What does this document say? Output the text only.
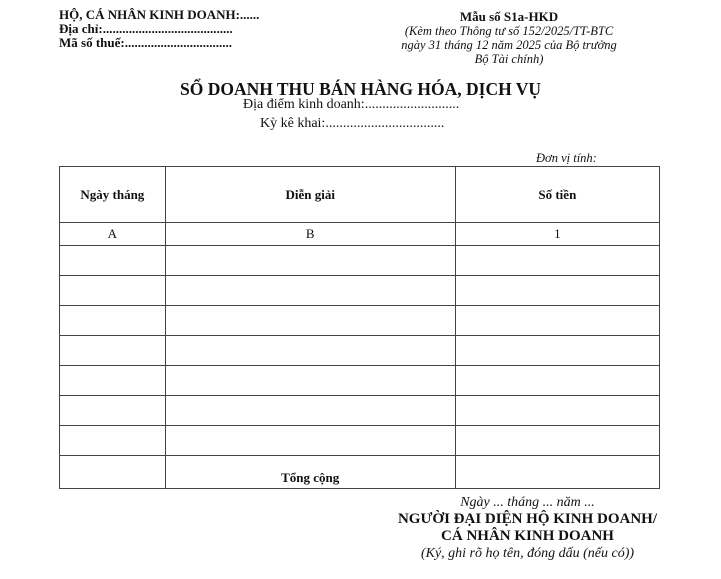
HỘ, CÁ NHÂN KINH DOANH:......
Địa chỉ:........................................
Mã số thuế:.................................
Mẫu số S1a-HKD
(Kèm theo Thông tư số 152/2025/TT-BTC
ngày 31 tháng 12 năm 2025 của Bộ trưởng
Bộ Tài chính)
SỔ DOANH THU BÁN HÀNG HÓA, DỊCH VỤ
Địa điểm kinh doanh:...........................
Kỳ kê khai:..................................
Đơn vị tính:
Ngày tháng	Diễn giải	Số tiền
A	B	1

	Tổng cộng	
Ngày ... tháng ... năm ...
NGƯỜI ĐẠI DIỆN HỘ KINH DOANH/
CÁ NHÂN KINH DOANH
(Ký, ghi rõ họ tên, đóng dấu (nếu có))
